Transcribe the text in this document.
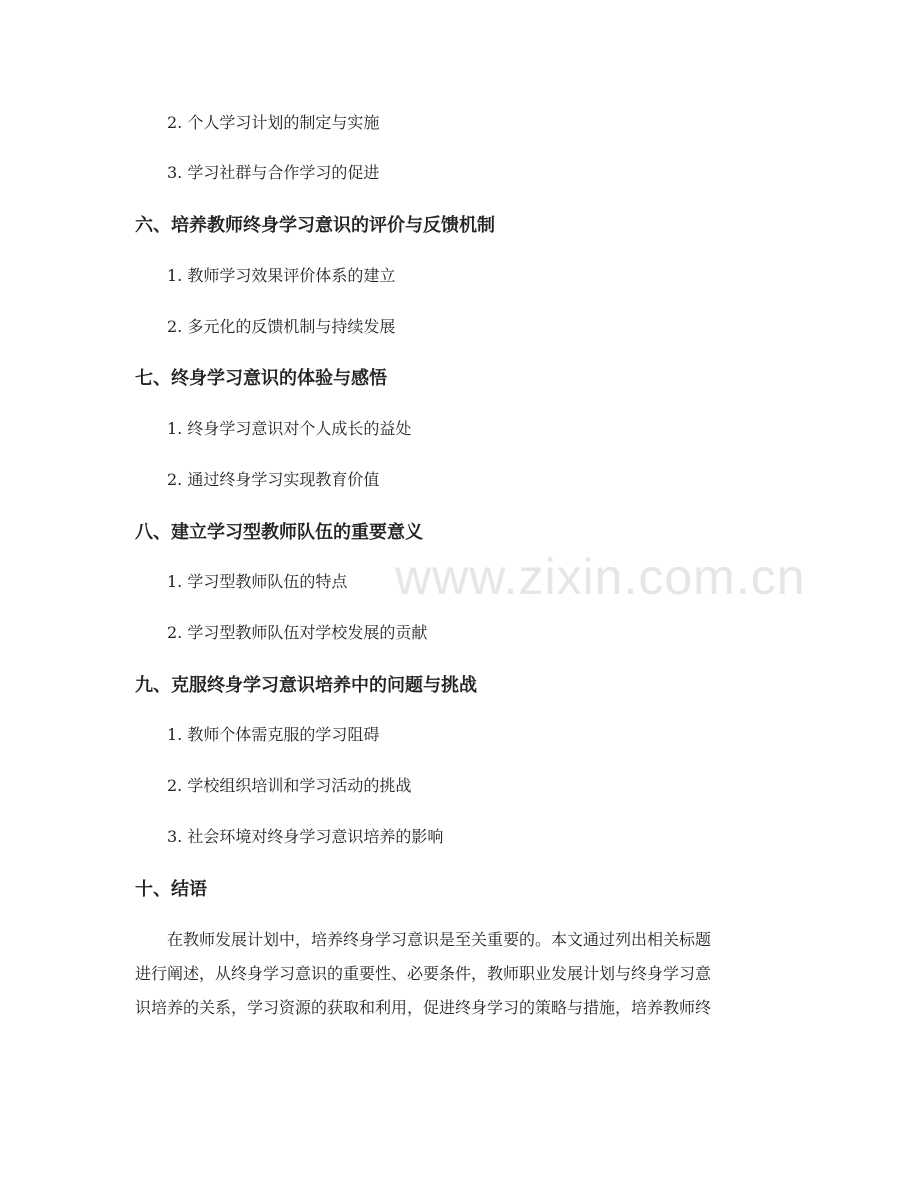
www.zixin.com.cn
2. 个人学习计划的制定与实施
3. 学习社群与合作学习的促进
六、培养教师终身学习意识的评价与反馈机制
1. 教师学习效果评价体系的建立
2. 多元化的反馈机制与持续发展
七、终身学习意识的体验与感悟
1. 终身学习意识对个人成长的益处
2. 通过终身学习实现教育价值
八、建立学习型教师队伍的重要意义
1. 学习型教师队伍的特点
2. 学习型教师队伍对学校发展的贡献
九、克服终身学习意识培养中的问题与挑战
1. 教师个体需克服的学习阻碍
2. 学校组织培训和学习活动的挑战
3. 社会环境对终身学习意识培养的影响
十、结语
在教师发展计划中，培养终身学习意识是至关重要的。本文通过列出相关标题
进行阐述，从终身学习意识的重要性、必要条件，教师职业发展计划与终身学习意
识培养的关系，学习资源的获取和利用，促进终身学习的策略与措施，培养教师终
